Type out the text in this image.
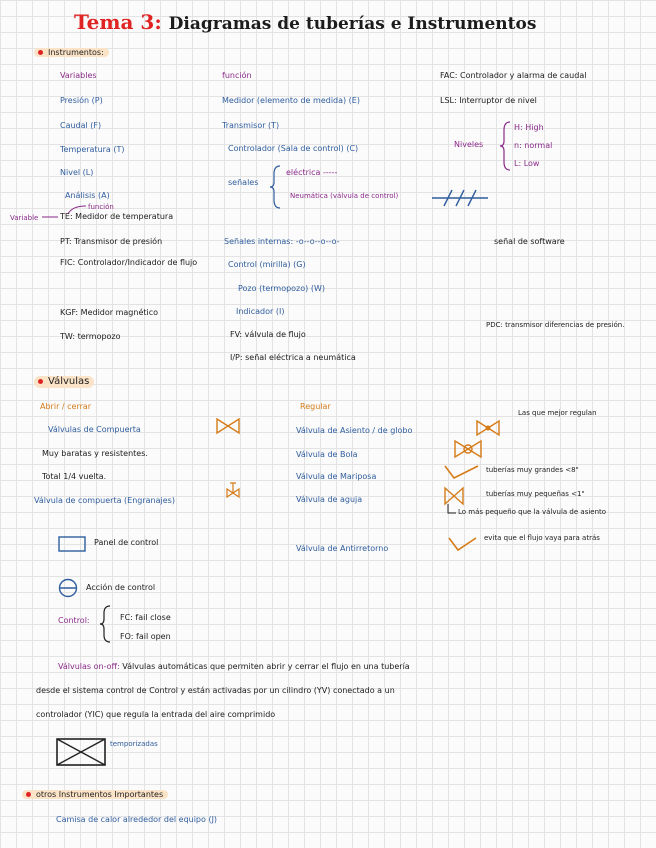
Tema 3: Diagramas de tuberías e Instrumentos
Instrumentos:
Variables
Presión (P)
Caudal (F)
Temperatura (T)
Nivel (L)
Análisis (A)
función
Medidor (elemento de medida) (E)
Transmisor (T)
Controlador (Sala de control) (C)
señales
eléctrica -----
Neumática (válvula de control)
FAC: Controlador y alarma de caudal
LSL: Interruptor de nivel
Niveles
H: High
n: normal
L: Low
función
Variable	TE: Medidor de temperatura
PT: Transmisor de presión
FIC: Controlador/Indicador de flujo
KGF: Medidor magnético
TW: termopozo
Señales internas: -o--o--o--o-	señal de software
Control (mirilla) (G)
Pozo (termopozo) (W)
Indicador (I)
FV: válvula de flujo
I/P: señal eléctrica a neumática
PDC: transmisor diferencias de presión.
Válvulas
Abrir / cerrar
Válvulas de Compuerta
Muy baratas y resistentes.
Total 1/4 vuelta.
Válvula de compuerta (Engranajes)
Regular
Las que mejor regulan
Válvula de Asiento / de globo
Válvula de Bola
Válvula de Mariposa
tuberías muy grandes <8"
Válvula de aguja
tuberías muy pequeñas <1"
Lo más pequeño que la válvula de asiento
Válvula de Antirretorno
evita que el flujo vaya para atrás
Panel de control
Acción de control
Control:	FC: fail close
FO: fail open
Válvulas on-off: Válvulas automáticas que permiten abrir y cerrar el flujo en una tubería
desde el sistema control de Control y están activadas por un cilindro (YV) conectado a un
controlador (YIC) que regula la entrada del aire comprimido
temporizadas
otros Instrumentos Importantes
Camisa de calor alrededor del equipo (J)
